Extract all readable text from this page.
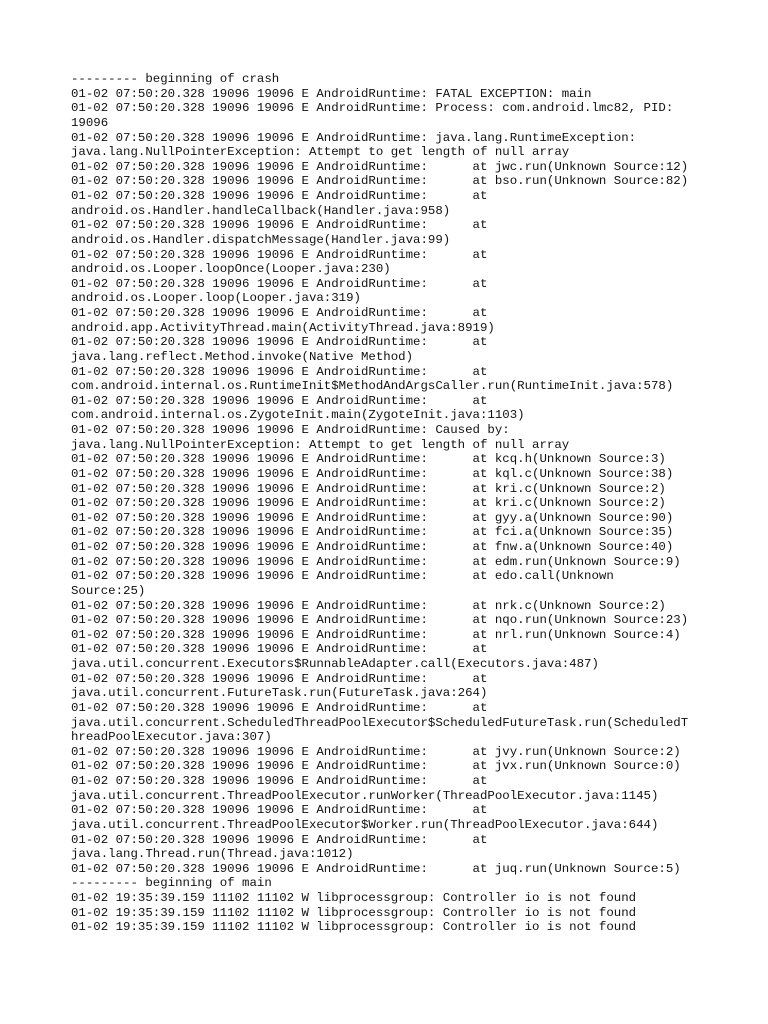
--------- beginning of crash
01-02 07:50:20.328 19096 19096 E AndroidRuntime: FATAL EXCEPTION: main
01-02 07:50:20.328 19096 19096 E AndroidRuntime: Process: com.android.lmc82, PID:
19096
01-02 07:50:20.328 19096 19096 E AndroidRuntime: java.lang.RuntimeException:
java.lang.NullPointerException: Attempt to get length of null array
01-02 07:50:20.328 19096 19096 E AndroidRuntime:      at jwc.run(Unknown Source:12)
01-02 07:50:20.328 19096 19096 E AndroidRuntime:      at bso.run(Unknown Source:82)
01-02 07:50:20.328 19096 19096 E AndroidRuntime:      at
android.os.Handler.handleCallback(Handler.java:958)
01-02 07:50:20.328 19096 19096 E AndroidRuntime:      at
android.os.Handler.dispatchMessage(Handler.java:99)
01-02 07:50:20.328 19096 19096 E AndroidRuntime:      at
android.os.Looper.loopOnce(Looper.java:230)
01-02 07:50:20.328 19096 19096 E AndroidRuntime:      at
android.os.Looper.loop(Looper.java:319)
01-02 07:50:20.328 19096 19096 E AndroidRuntime:      at
android.app.ActivityThread.main(ActivityThread.java:8919)
01-02 07:50:20.328 19096 19096 E AndroidRuntime:      at
java.lang.reflect.Method.invoke(Native Method)
01-02 07:50:20.328 19096 19096 E AndroidRuntime:      at
com.android.internal.os.RuntimeInit$MethodAndArgsCaller.run(RuntimeInit.java:578)
01-02 07:50:20.328 19096 19096 E AndroidRuntime:      at
com.android.internal.os.ZygoteInit.main(ZygoteInit.java:1103)
01-02 07:50:20.328 19096 19096 E AndroidRuntime: Caused by:
java.lang.NullPointerException: Attempt to get length of null array
01-02 07:50:20.328 19096 19096 E AndroidRuntime:      at kcq.h(Unknown Source:3)
01-02 07:50:20.328 19096 19096 E AndroidRuntime:      at kql.c(Unknown Source:38)
01-02 07:50:20.328 19096 19096 E AndroidRuntime:      at kri.c(Unknown Source:2)
01-02 07:50:20.328 19096 19096 E AndroidRuntime:      at kri.c(Unknown Source:2)
01-02 07:50:20.328 19096 19096 E AndroidRuntime:      at gyy.a(Unknown Source:90)
01-02 07:50:20.328 19096 19096 E AndroidRuntime:      at fci.a(Unknown Source:35)
01-02 07:50:20.328 19096 19096 E AndroidRuntime:      at fnw.a(Unknown Source:40)
01-02 07:50:20.328 19096 19096 E AndroidRuntime:      at edm.run(Unknown Source:9)
01-02 07:50:20.328 19096 19096 E AndroidRuntime:      at edo.call(Unknown
Source:25)
01-02 07:50:20.328 19096 19096 E AndroidRuntime:      at nrk.c(Unknown Source:2)
01-02 07:50:20.328 19096 19096 E AndroidRuntime:      at nqo.run(Unknown Source:23)
01-02 07:50:20.328 19096 19096 E AndroidRuntime:      at nrl.run(Unknown Source:4)
01-02 07:50:20.328 19096 19096 E AndroidRuntime:      at
java.util.concurrent.Executors$RunnableAdapter.call(Executors.java:487)
01-02 07:50:20.328 19096 19096 E AndroidRuntime:      at
java.util.concurrent.FutureTask.run(FutureTask.java:264)
01-02 07:50:20.328 19096 19096 E AndroidRuntime:      at
java.util.concurrent.ScheduledThreadPoolExecutor$ScheduledFutureTask.run(ScheduledT
hreadPoolExecutor.java:307)
01-02 07:50:20.328 19096 19096 E AndroidRuntime:      at jvy.run(Unknown Source:2)
01-02 07:50:20.328 19096 19096 E AndroidRuntime:      at jvx.run(Unknown Source:0)
01-02 07:50:20.328 19096 19096 E AndroidRuntime:      at
java.util.concurrent.ThreadPoolExecutor.runWorker(ThreadPoolExecutor.java:1145)
01-02 07:50:20.328 19096 19096 E AndroidRuntime:      at
java.util.concurrent.ThreadPoolExecutor$Worker.run(ThreadPoolExecutor.java:644)
01-02 07:50:20.328 19096 19096 E AndroidRuntime:      at
java.lang.Thread.run(Thread.java:1012)
01-02 07:50:20.328 19096 19096 E AndroidRuntime:      at juq.run(Unknown Source:5)
--------- beginning of main
01-02 19:35:39.159 11102 11102 W libprocessgroup: Controller io is not found
01-02 19:35:39.159 11102 11102 W libprocessgroup: Controller io is not found
01-02 19:35:39.159 11102 11102 W libprocessgroup: Controller io is not found
